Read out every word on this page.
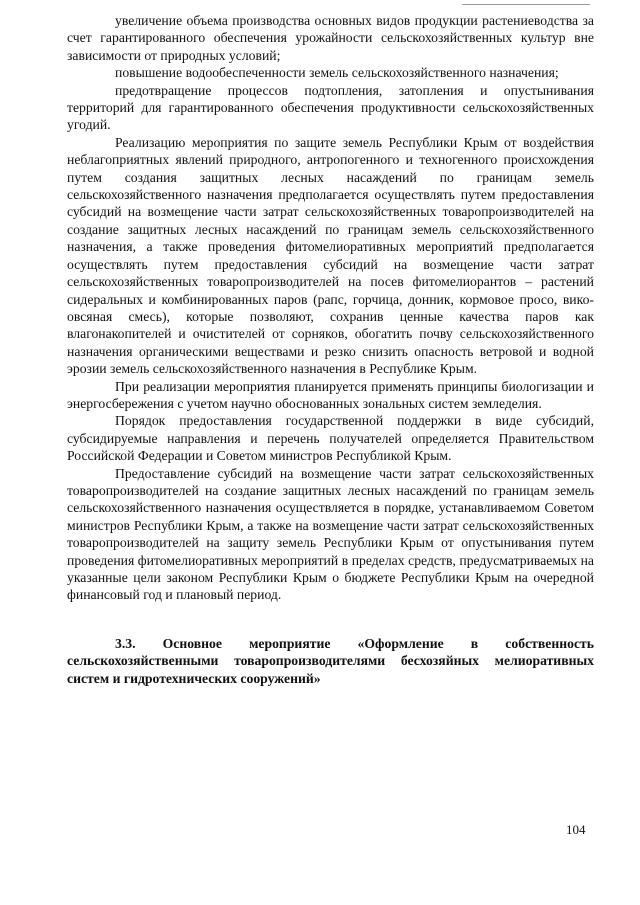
увеличение объема производства основных видов продукции растениеводства за счет гарантированного обеспечения урожайности сельскохозяйственных культур вне зависимости от природных условий;

повышение водообеспеченности земель сельскохозяйственного назначения;

предотвращение процессов подтопления, затопления и опустынивания территорий для гарантированного обеспечения продуктивности сельскохозяйственных угодий.

Реализацию мероприятия по защите земель Республики Крым от воздействия неблагоприятных явлений природного, антропогенного и техногенного происхождения путем создания защитных лесных насаждений по границам земель сельскохозяйственного назначения предполагается осуществлять путем предоставления субсидий на возмещение части затрат сельскохозяйственных товаропроизводителей на создание защитных лесных насаждений по границам земель сельскохозяйственного назначения, а также проведения фитомелиоративных мероприятий предполагается осуществлять путем предоставления субсидий на возмещение части затрат сельскохозяйственных товаропроизводителей на посев фитомелиорантов – растений сидеральных и комбинированных паров (рапс, горчица, донник, кормовое просо, вико-овсяная смесь), которые позволяют, сохранив ценные качества паров как влагонакопителей и очистителей от сорняков, обогатить почву сельскохозяйственного назначения органическими веществами и резко снизить опасность ветровой и водной эрозии земель сельскохозяйственного назначения в Республике Крым.

При реализации мероприятия планируется применять принципы биологизации и энергосбережения с учетом научно обоснованных зональных систем земледелия.

Порядок предоставления государственной поддержки в виде субсидий, субсидируемые направления и перечень получателей определяется Правительством Российской Федерации и Советом министров Республикой Крым.

Предоставление субсидий на возмещение части затрат сельскохозяйственных товаропроизводителей на создание защитных лесных насаждений по границам земель сельскохозяйственного назначения осуществляется в порядке, устанавливаемом Советом министров Республики Крым, а также на возмещение части затрат сельскохозяйственных товаропроизводителей на защиту земель Республики Крым от опустынивания путем проведения фитомелиоративных мероприятий в пределах средств, предусматриваемых на указанные цели законом Республики Крым о бюджете Республики Крым на очередной финансовый год и плановый период.

3.3. Основное мероприятие «Оформление в собственность сельскохозяйственными товаропроизводителями бесхозяйных мелиоративных систем и гидротехнических сооружений»
104
